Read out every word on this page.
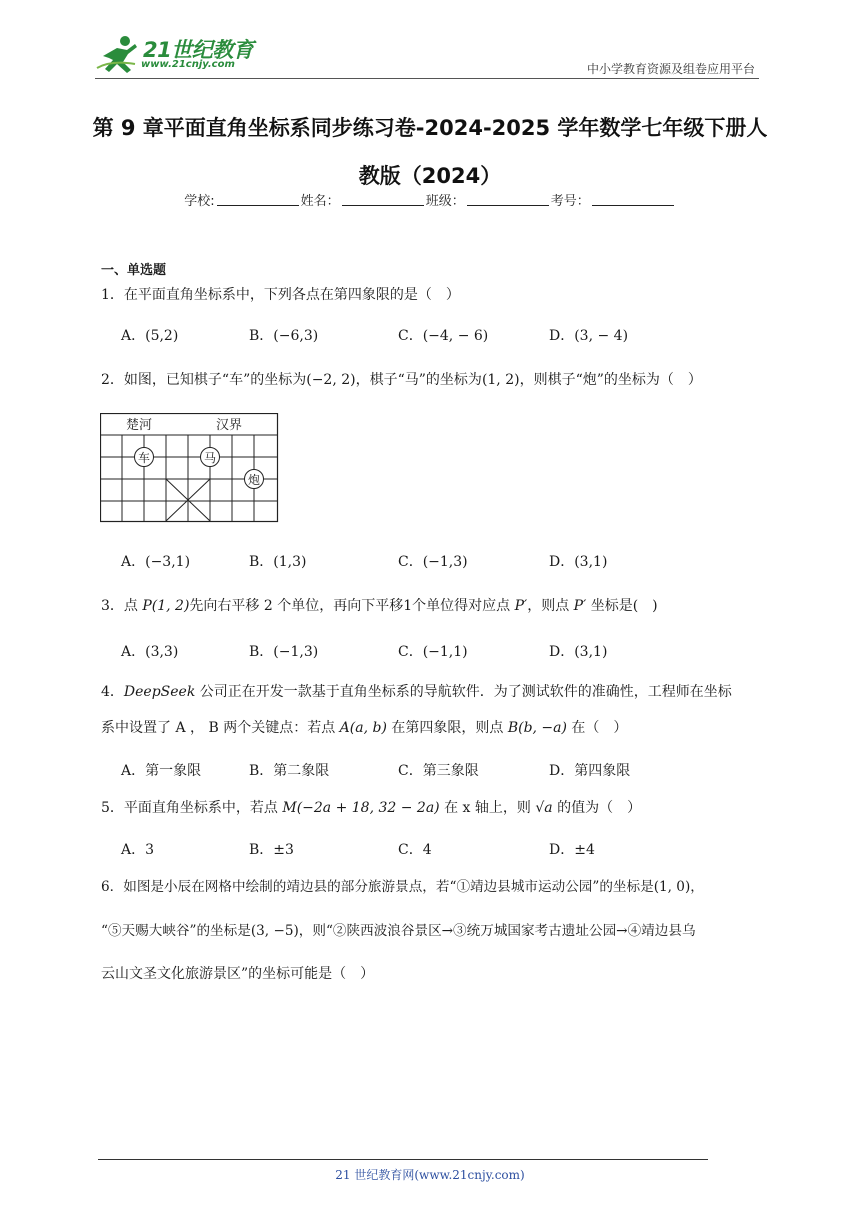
21世纪教育
www.21cnjy.com	中小学教育资源及组卷应用平台
第 9 章平面直角坐标系同步练习卷-2024-2025 学年数学七年级下册人
教版（2024）
学校:	姓名：	班级：	考号：
一、单选题
1．在平面直角坐标系中，下列各点在第四象限的是（　）
A．(5,2)	B．(−6,3)	C．(−4, − 6)	D．(3, − 4)
2．如图，已知棋子“车”的坐标为(−2, 2)，棋子“马”的坐标为(1, 2)，则棋子“炮”的坐标为（　）
楚河	汉界
车	马
炮
A．(−3,1)	B．(1,3)	C．(−1,3)	D．(3,1)
3．点 P(1, 2)先向右平移 2 个单位，再向下平移1个单位得对应点 P′，则点 P′ 坐标是(　)
A．(3,3)	B．(−1,3)	C．(−1,1)	D．(3,1)
4．DeepSeek 公司正在开发一款基于直角坐标系的导航软件．为了测试软件的准确性，工程师在坐标
系中设置了 A ， B 两个关键点：若点 A(a, b) 在第四象限，则点 B(b, −a) 在（　）
A．第一象限	B．第二象限	C．第三象限	D．第四象限
5．平面直角坐标系中，若点 M(−2a + 18, 32 − 2a) 在 x 轴上，则 √a 的值为（　）
A．3	B．±3	C．4	D．±4
6．如图是小辰在网格中绘制的靖边县的部分旅游景点，若“①靖边县城市运动公园”的坐标是(1, 0)，
“⑤天赐大峡谷”的坐标是(3, −5)，则“②陕西波浪谷景区→③统万城国家考古遗址公园→④靖边县乌
云山文圣文化旅游景区”的坐标可能是（　）
21 世纪教育网(www.21cnjy.com)
